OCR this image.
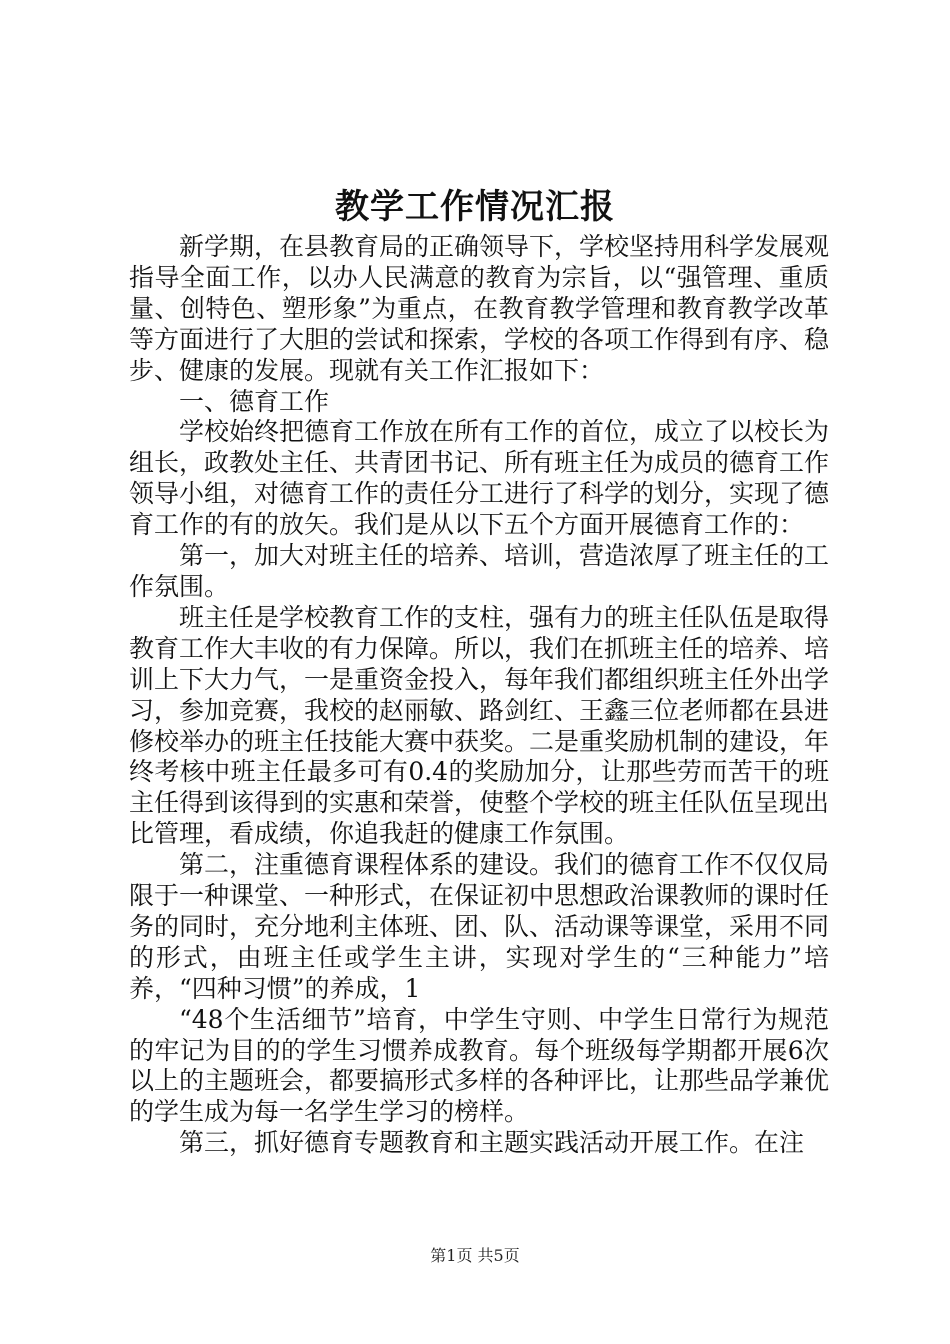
教学工作情况汇报

新学期，在县教育局的正确领导下，学校坚持用科学发展观指导全面工作，以办人民满意的教育为宗旨，以“强管理、重质量、创特色、塑形象”为重点，在教育教学管理和教育教学改革等方面进行了大胆的尝试和探索，学校的各项工作得到有序、稳步、健康的发展。现就有关工作汇报如下：

一、德育工作

学校始终把德育工作放在所有工作的首位，成立了以校长为组长，政教处主任、共青团书记、所有班主任为成员的德育工作领导小组，对德育工作的责任分工进行了科学的划分，实现了德育工作的有的放矢。我们是从以下五个方面开展德育工作的：

第一，加大对班主任的培养、培训，营造浓厚了班主任的工作氛围。

班主任是学校教育工作的支柱，强有力的班主任队伍是取得教育工作大丰收的有力保障。所以，我们在抓班主任的培养、培训上下大力气，一是重资金投入，每年我们都组织班主任外出学习，参加竞赛，我校的赵丽敏、路剑红、王鑫三位老师都在县进修校举办的班主任技能大赛中获奖。二是重奖励机制的建设，年终考核中班主任最多可有0.4的奖励加分，让那些劳而苦干的班主任得到该得到的实惠和荣誉，使整个学校的班主任队伍呈现出比管理，看成绩，你追我赶的健康工作氛围。

第二，注重德育课程体系的建设。我们的德育工作不仅仅局限于一种课堂、一种形式，在保证初中思想政治课教师的课时任务的同时，充分地利主体班、团、队、活动课等课堂，采用不同的形式，由班主任或学生主讲，实现对学生的“三种能力”培养，“四种习惯”的养成，1

“48个生活细节”培育，中学生守则、中学生日常行为规范的牢记为目的的学生习惯养成教育。每个班级每学期都开展6次以上的主题班会，都要搞形式多样的各种评比，让那些品学兼优的学生成为每一名学生学习的榜样。

第三，抓好德育专题教育和主题实践活动开展工作。在注

第1页 共5页
